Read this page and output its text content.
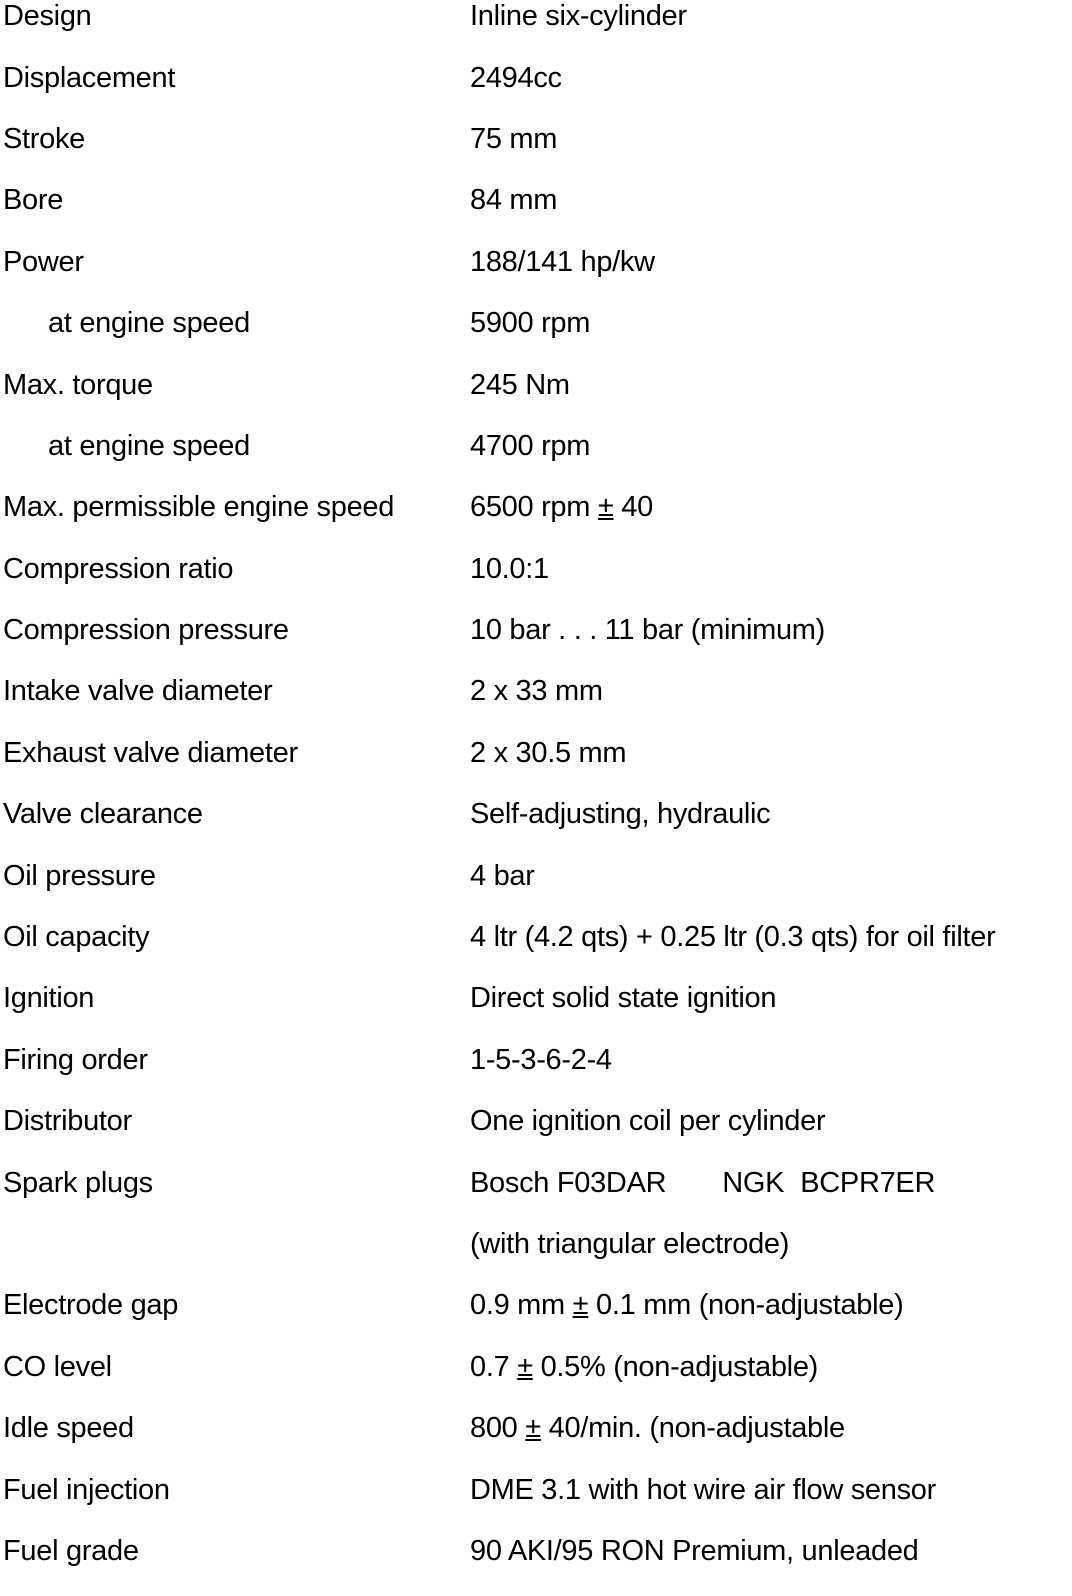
Design	Inline six-cylinder
Displacement	2494cc
Stroke	75 mm
Bore	84 mm
Power	188/141 hp/kw
at engine speed	5900 rpm
Max. torque	245 Nm
at engine speed	4700 rpm
Max. permissible engine speed	6500 rpm ± 40
Compression ratio	10.0:1
Compression pressure	10 bar . . . 11 bar (minimum)
Intake valve diameter	2 x 33 mm
Exhaust valve diameter	2 x 30.5 mm
Valve clearance	Self-adjusting, hydraulic
Oil pressure	4 bar
Oil capacity	4 ltr (4.2 qts) + 0.25 ltr (0.3 qts) for oil filter
Ignition	Direct solid state ignition
Firing order	1-5-3-6-2-4
Distributor	One ignition coil per cylinder
Spark plugs	Bosch F03DAR NGK BCPR7ER
(with triangular electrode)
Electrode gap	0.9 mm ± 0.1 mm (non-adjustable)
CO level	0.7 ± 0.5% (non-adjustable)
Idle speed	800 ± 40/min. (non-adjustable
Fuel injection	DME 3.1 with hot wire air flow sensor
Fuel grade	90 AKI/95 RON Premium, unleaded
